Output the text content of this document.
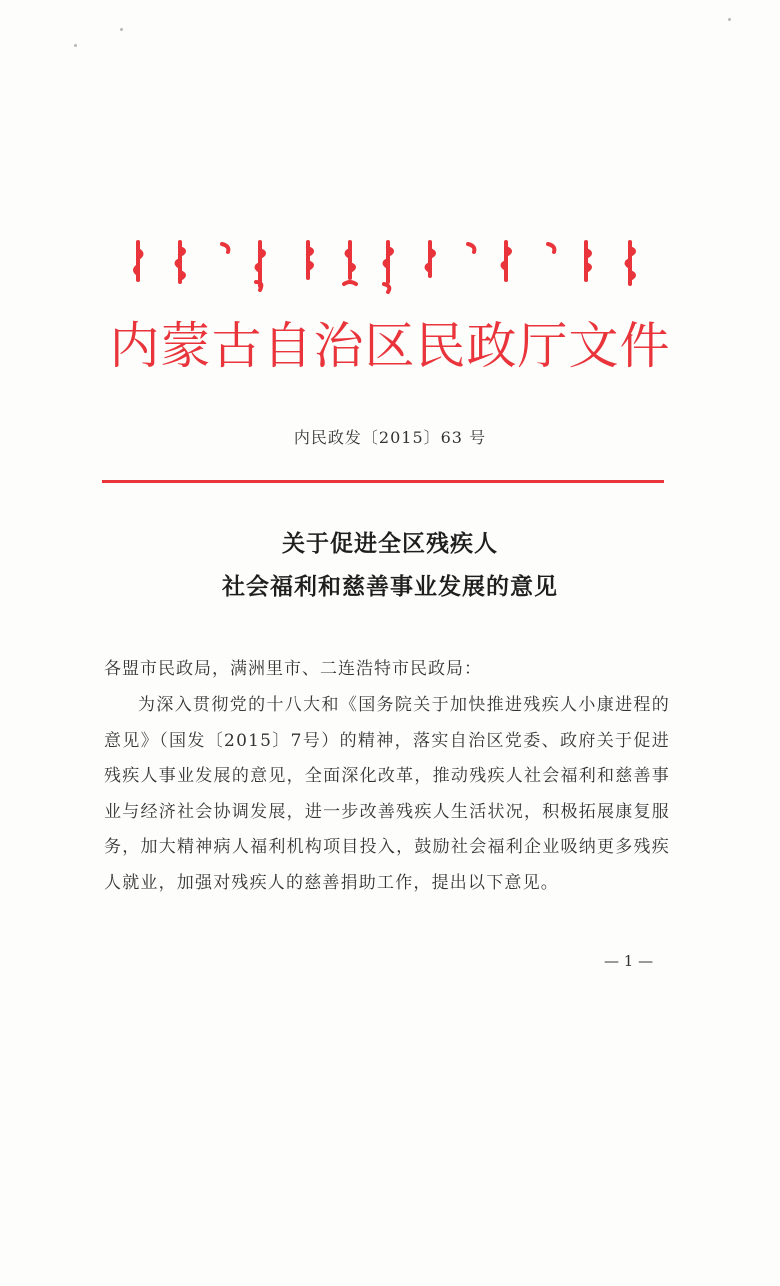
内蒙古自治区民政厅文件
内民政发〔2015〕63 号
关于促进全区残疾人
社会福利和慈善事业发展的意见
各盟市民政局，满洲里市、二连浩特市民政局：
为深入贯彻党的十八大和《国务院关于加快推进残疾人小康进程的意见》（国发〔2015〕7号）的精神，落实自治区党委、政府关于促进残疾人事业发展的意见，全面深化改革，推动残疾人社会福利和慈善事业与经济社会协调发展，进一步改善残疾人生活状况，积极拓展康复服务，加大精神病人福利机构项目投入，鼓励社会福利企业吸纳更多残疾人就业，加强对残疾人的慈善捐助工作，提出以下意见。
— 1 —
